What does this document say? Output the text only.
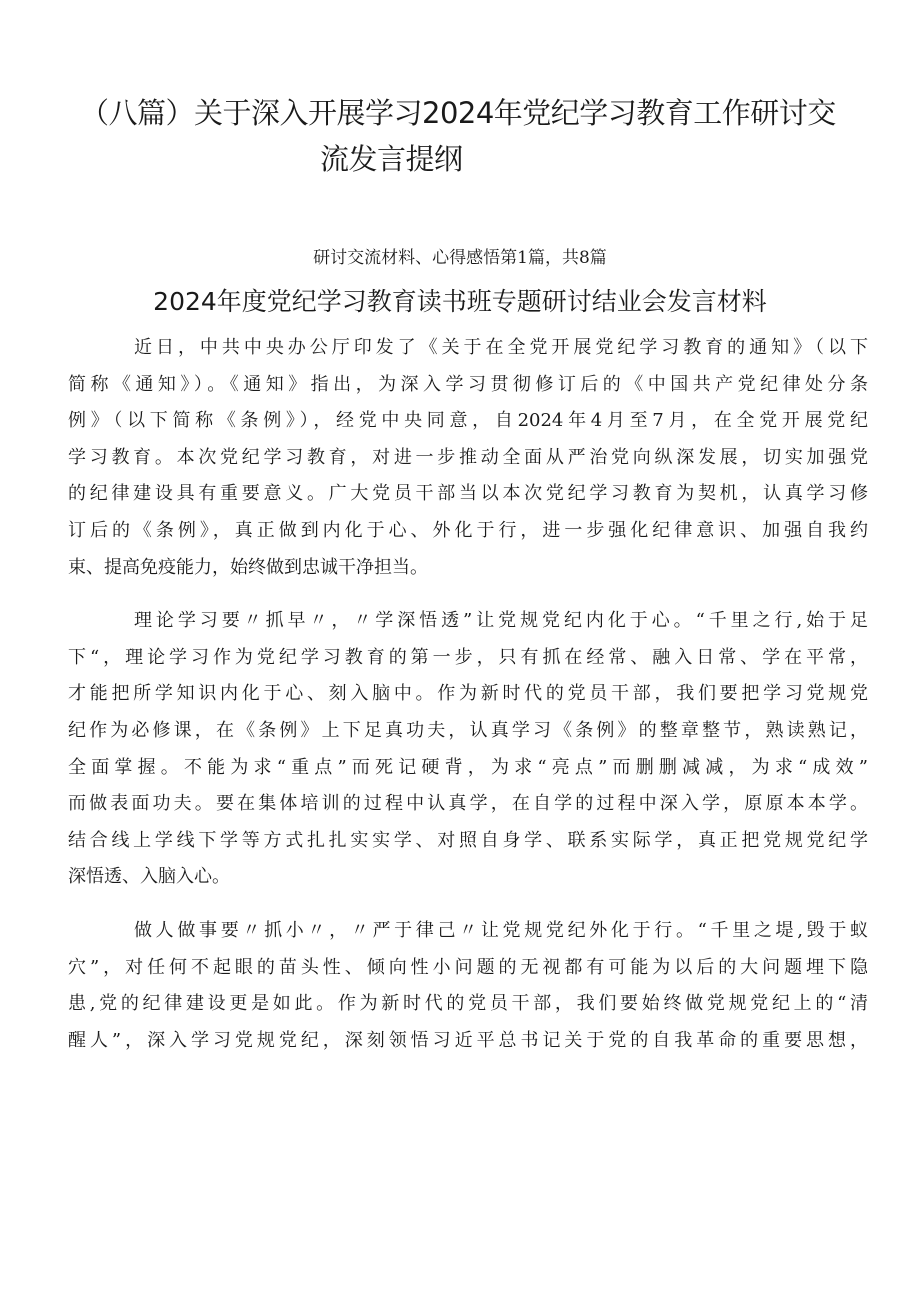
（八篇）关于深入开展学习2024年党纪学习教育工作研讨交
流发言提纲
研讨交流材料、心得感悟第1篇，共8篇
2024年度党纪学习教育读书班专题研讨结业会发言材料
近日，中共中央办公厅印发了《关于在全党开展党纪学习教育的通知》（以下
简称《通知》）。《通知》指出，为深入学习贯彻修订后的《中国共产党纪律处分条
例》（以下简称《条例》），经党中央同意，自2024年4月至7月，在全党开展党纪
学习教育。本次党纪学习教育，对进一步推动全面从严治党向纵深发展，切实加强党
的纪律建设具有重要意义。广大党员干部当以本次党纪学习教育为契机，认真学习修
订后的《条例》，真正做到内化于心、外化于行，进一步强化纪律意识、加强自我约
束、提高免疫能力，始终做到忠诚干净担当。
理论学习要〃抓早〃，〃学深悟透”让党规党纪内化于心。“千里之行,始于足
下“，理论学习作为党纪学习教育的第一步，只有抓在经常、融入日常、学在平常，
才能把所学知识内化于心、刻入脑中。作为新时代的党员干部，我们要把学习党规党
纪作为必修课，在《条例》上下足真功夫，认真学习《条例》的整章整节，熟读熟记，
全面掌握。不能为求“重点”而死记硬背，为求“亮点”而删删减减，为求“成效”
而做表面功夫。要在集体培训的过程中认真学，在自学的过程中深入学，原原本本学。
结合线上学线下学等方式扎扎实实学、对照自身学、联系实际学，真正把党规党纪学
深悟透、入脑入心。
做人做事要〃抓小〃，〃严于律己〃让党规党纪外化于行。“千里之堤,毁于蚁
穴”，对任何不起眼的苗头性、倾向性小问题的无视都有可能为以后的大问题埋下隐
患,党的纪律建设更是如此。作为新时代的党员干部，我们要始终做党规党纪上的“清
醒人”，深入学习党规党纪，深刻领悟习近平总书记关于党的自我革命的重要思想，
